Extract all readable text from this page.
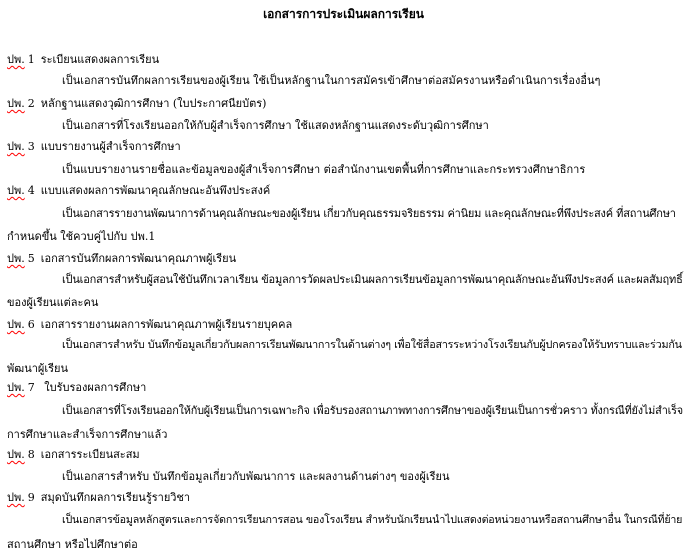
เอกสารการประเมินผลการเรียน
ปพ. 1 ระเบียนแสดงผลการเรียน
เป็นเอกสารบันทึกผลการเรียนของผู้เรียน ใช้เป็นหลักฐานในการสมัครเข้าศึกษาต่อสมัครงานหรือดำเนินการเรื่องอื่นๆ
ปพ. 2 หลักฐานแสดงวุฒิการศึกษา (ใบประกาศนียบัตร)
เป็นเอกสารที่โรงเรียนออกให้กับผู้สำเร็จการศึกษา ใช้แสดงหลักฐานแสดงระดับวุฒิการศึกษา
ปพ. 3 แบบรายงานผู้สำเร็จการศึกษา
เป็นแบบรายงานรายชื่อและข้อมูลของผู้สำเร็จการศึกษา ต่อสำนักงานเขตพื้นที่การศึกษาและกระทรวงศึกษาธิการ
ปพ. 4 แบบแสดงผลการพัฒนาคุณลักษณะอันพึงประสงค์
เป็นเอกสารรายงานพัฒนาการด้านคุณลักษณะของผู้เรียน เกี่ยวกับคุณธรรมจริยธรรม ค่านิยม และคุณลักษณะที่พึงประสงค์ ที่สถานศึกษา
กำหนดขึ้น ใช้ควบคู่ไปกับ ปพ.1
ปพ. 5 เอกสารบันทึกผลการพัฒนาคุณภาพผู้เรียน
เป็นเอกสารสำหรับผู้สอนใช้บันทึกเวลาเรียน ข้อมูลการวัดผลประเมินผลการเรียนข้อมูลการพัฒนาคุณลักษณะอันพึงประสงค์ และผลสัมฤทธิ์
ของผู้เรียนแต่ละคน
ปพ. 6 เอกสารรายงานผลการพัฒนาคุณภาพผู้เรียนรายบุคคล
เป็นเอกสารสำหรับ บันทึกข้อมูลเกี่ยวกับผลการเรียนพัฒนาการในด้านต่างๆ เพื่อใช้สื่อสารระหว่างโรงเรียนกับผู้ปกครองให้รับทราบและร่วมกัน
พัฒนาผู้เรียน
ปพ. 7 ใบรับรองผลการศึกษา
เป็นเอกสารที่โรงเรียนออกให้กับผู้เรียนเป็นการเฉพาะกิจ เพื่อรับรองสถานภาพทางการศึกษาของผู้เรียนเป็นการชั่วคราว ทั้งกรณีที่ยังไม่สำเร็จ
การศึกษาและสำเร็จการศึกษาแล้ว
ปพ. 8 เอกสารระเบียนสะสม
เป็นเอกสารสำหรับ บันทึกข้อมูลเกี่ยวกับพัฒนาการ และผลงานด้านต่างๆ ของผู้เรียน
ปพ. 9 สมุดบันทึกผลการเรียนรู้รายวิชา
เป็นเอกสารข้อมูลหลักสูตรและการจัดการเรียนการสอน ของโรงเรียน สำหรับนักเรียนนำไปแสดงต่อหน่วยงานหรือสถานศึกษาอื่น ในกรณีที่ย้าย
สถานศึกษา หรือไปศึกษาต่อ
